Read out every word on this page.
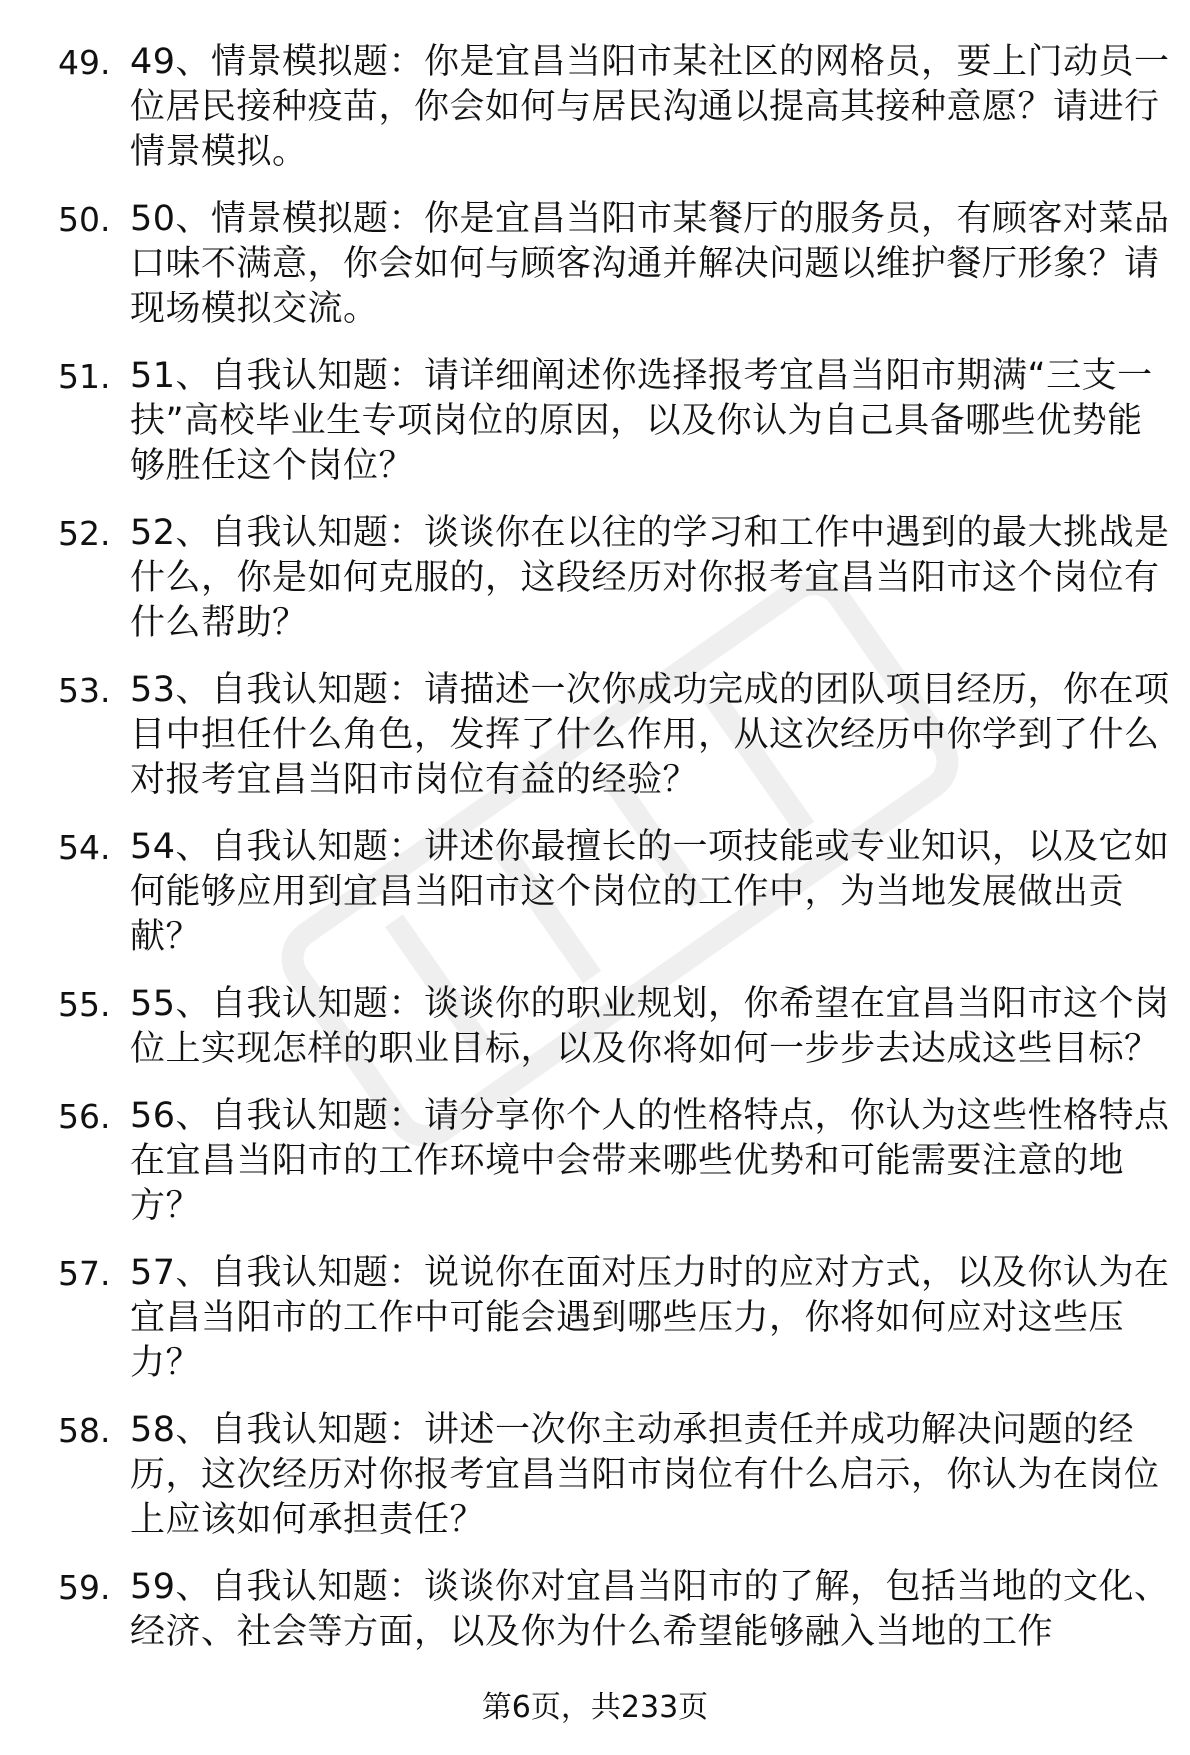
49. 49、情景模拟题：你是宜昌当阳市某社区的网格员，要上门动员一位居民接种疫苗，你会如何与居民沟通以提高其接种意愿？请进行情景模拟。
50. 50、情景模拟题：你是宜昌当阳市某餐厅的服务员，有顾客对菜品口味不满意，你会如何与顾客沟通并解决问题以维护餐厅形象？请现场模拟交流。
51. 51、自我认知题：请详细阐述你选择报考宜昌当阳市期满“三支一扶”高校毕业生专项岗位的原因，以及你认为自己具备哪些优势能够胜任这个岗位？
52. 52、自我认知题：谈谈你在以往的学习和工作中遇到的最大挑战是什么，你是如何克服的，这段经历对你报考宜昌当阳市这个岗位有什么帮助？
53. 53、自我认知题：请描述一次你成功完成的团队项目经历，你在项目中担任什么角色，发挥了什么作用，从这次经历中你学到了什么对报考宜昌当阳市岗位有益的经验？
54. 54、自我认知题：讲述你最擅长的一项技能或专业知识，以及它如何能够应用到宜昌当阳市这个岗位的工作中，为当地发展做出贡献？
55. 55、自我认知题：谈谈你的职业规划，你希望在宜昌当阳市这个岗位上实现怎样的职业目标，以及你将如何一步步去达成这些目标？
56. 56、自我认知题：请分享你个人的性格特点，你认为这些性格特点在宜昌当阳市的工作环境中会带来哪些优势和可能需要注意的地方？
57. 57、自我认知题：说说你在面对压力时的应对方式，以及你认为在宜昌当阳市的工作中可能会遇到哪些压力，你将如何应对这些压力？
58. 58、自我认知题：讲述一次你主动承担责任并成功解决问题的经历，这次经历对你报考宜昌当阳市岗位有什么启示，你认为在岗位上应该如何承担责任？
59. 59、自我认知题：谈谈你对宜昌当阳市的了解，包括当地的文化、经济、社会等方面，以及你为什么希望能够融入当地的工作
第6页，共233页
